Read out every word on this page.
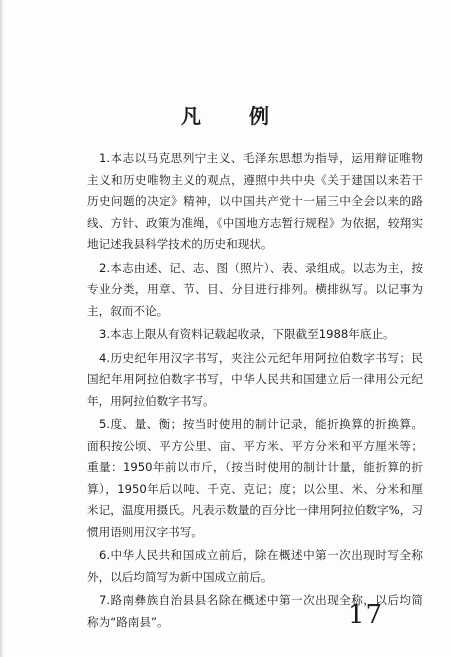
凡　例

1.本志以马克思列宁主义、毛泽东思想为指导，运用辩证唯物主义和历史唯物主义的观点，遵照中共中央《关于建国以来若干历史问题的决定》精神，以中国共产党十一届三中全会以来的路线、方针、政策为准绳，《中国地方志暂行规程》为依据，较翔实地记述我县科学技术的历史和现状。

2.本志由述、记、志、图（照片）、表、录组成。以志为主，按专业分类，用章、节、目、分目进行排列。横排纵写。以记事为主，叙而不论。

3.本志上限从有资料记载起收录，下限截至1988年底止。

4.历史纪年用汉字书写，夹注公元纪年用阿拉伯数字书写；民国纪年用阿拉伯数字书写，中华人民共和国建立后一律用公元纪年，用阿拉伯数字书写。

5.度、量、衡；按当时使用的制计记录，能折换算的折换算。面积按公顷、平方公里、亩、平方米、平方分米和平方厘米等；重量：1950年前以市斤，（按当时使用的制计计量，能折算的折算），1950年后以吨、千克、克记；度；以公里、米、分米和厘米记，温度用摄氏。凡表示数量的百分比一律用阿拉伯数字%，习惯用语则用汉字书写。

6.中华人民共和国成立前后，除在概述中第一次出现时写全称外，以后均简写为新中国成立前后。

7.路南彝族自治县县名除在概述中第一次出现全称，以后均简称为“路南县”。	17
